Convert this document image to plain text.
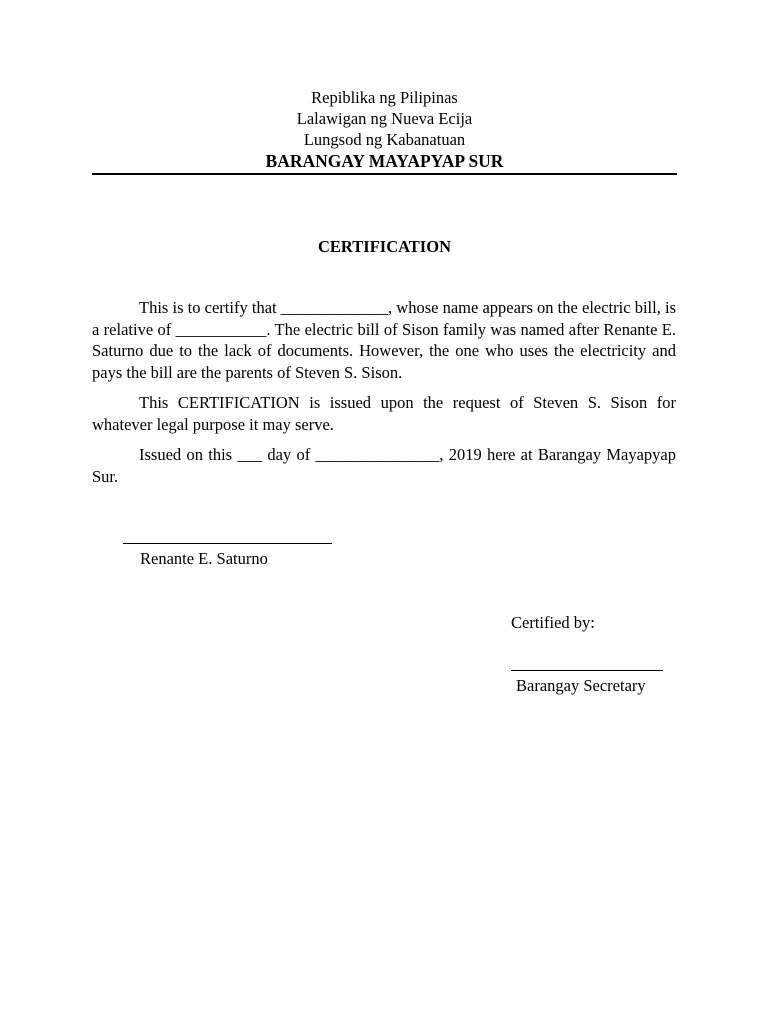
Repiblika ng Pilipinas
Lalawigan ng Nueva Ecija
Lungsod ng Kabanatuan
BARANGAY MAYAPYAP SUR
CERTIFICATION

This is to certify that _____________, whose name appears on the electric bill, is a relative of ___________. The electric bill of Sison family was named after Renante E. Saturno due to the lack of documents. However, the one who uses the electricity and pays the bill are the parents of Steven S. Sison.

This CERTIFICATION is issued upon the request of Steven S. Sison for whatever legal purpose it may serve.

Issued on this ___ day of _______________, 2019 here at Barangay Mayapyap Sur.

Renante E. Saturno
Certified by:
Barangay Secretary
